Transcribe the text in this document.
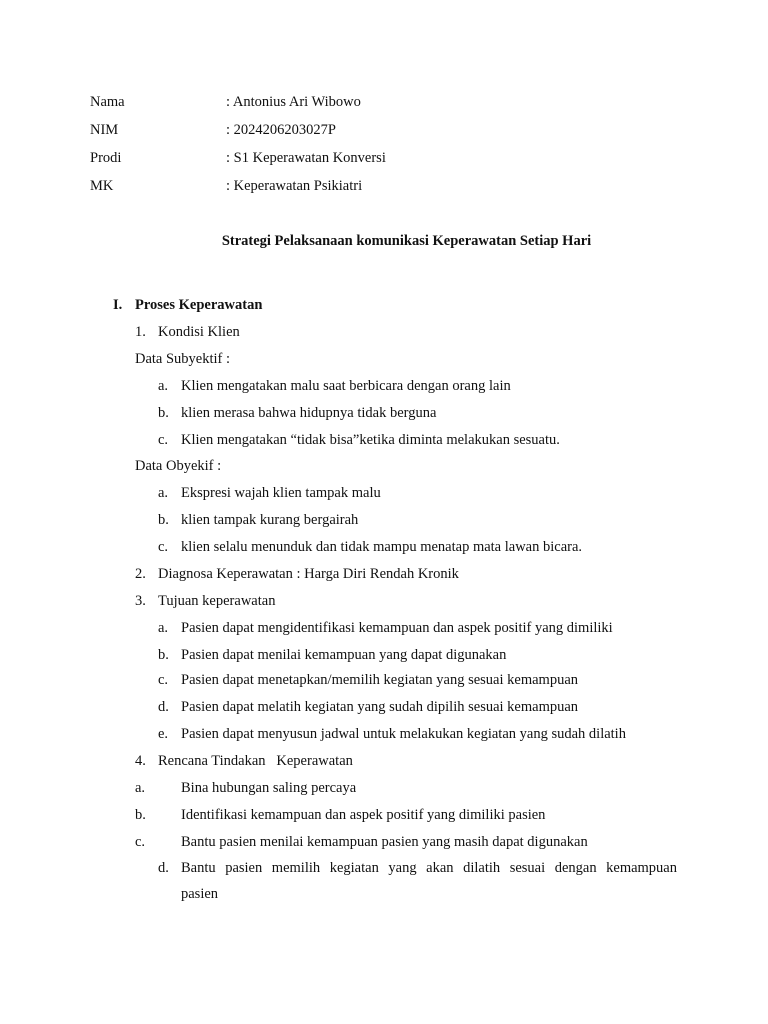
Nama	: Antonius Ari Wibowo
NIM	: 2024206203027P
Prodi	: S1 Keperawatan Konversi
MK	: Keperawatan Psikiatri
Strategi Pelaksanaan komunikasi Keperawatan Setiap Hari
I. Proses Keperawatan
1. Kondisi Klien
Data Subyektif :
a. Klien mengatakan malu saat berbicara dengan orang lain
b. klien merasa bahwa hidupnya tidak berguna
c. Klien mengatakan “tidak bisa”ketika diminta melakukan sesuatu.
Data Obyekif :
a. Ekspresi wajah klien tampak malu
b. klien tampak kurang bergairah
c. klien selalu menunduk dan tidak mampu menatap mata lawan bicara.
2. Diagnosa Keperawatan : Harga Diri Rendah Kronik
3. Tujuan keperawatan
a. Pasien dapat mengidentifikasi kemampuan dan aspek positif yang dimiliki
b. Pasien dapat menilai kemampuan yang dapat digunakan
c. Pasien dapat menetapkan/memilih kegiatan yang sesuai kemampuan
d. Pasien dapat melatih kegiatan yang sudah dipilih sesuai kemampuan
e. Pasien dapat menyusun jadwal untuk melakukan kegiatan yang sudah dilatih
4. Rencana Tindakan   Keperawatan
a. Bina hubungan saling percaya
b. Identifikasi kemampuan dan aspek positif yang dimiliki pasien
c. Bantu pasien menilai kemampuan pasien yang masih dapat digunakan
d. Bantu pasien memilih kegiatan yang akan dilatih sesuai dengan kemampuan
pasien
